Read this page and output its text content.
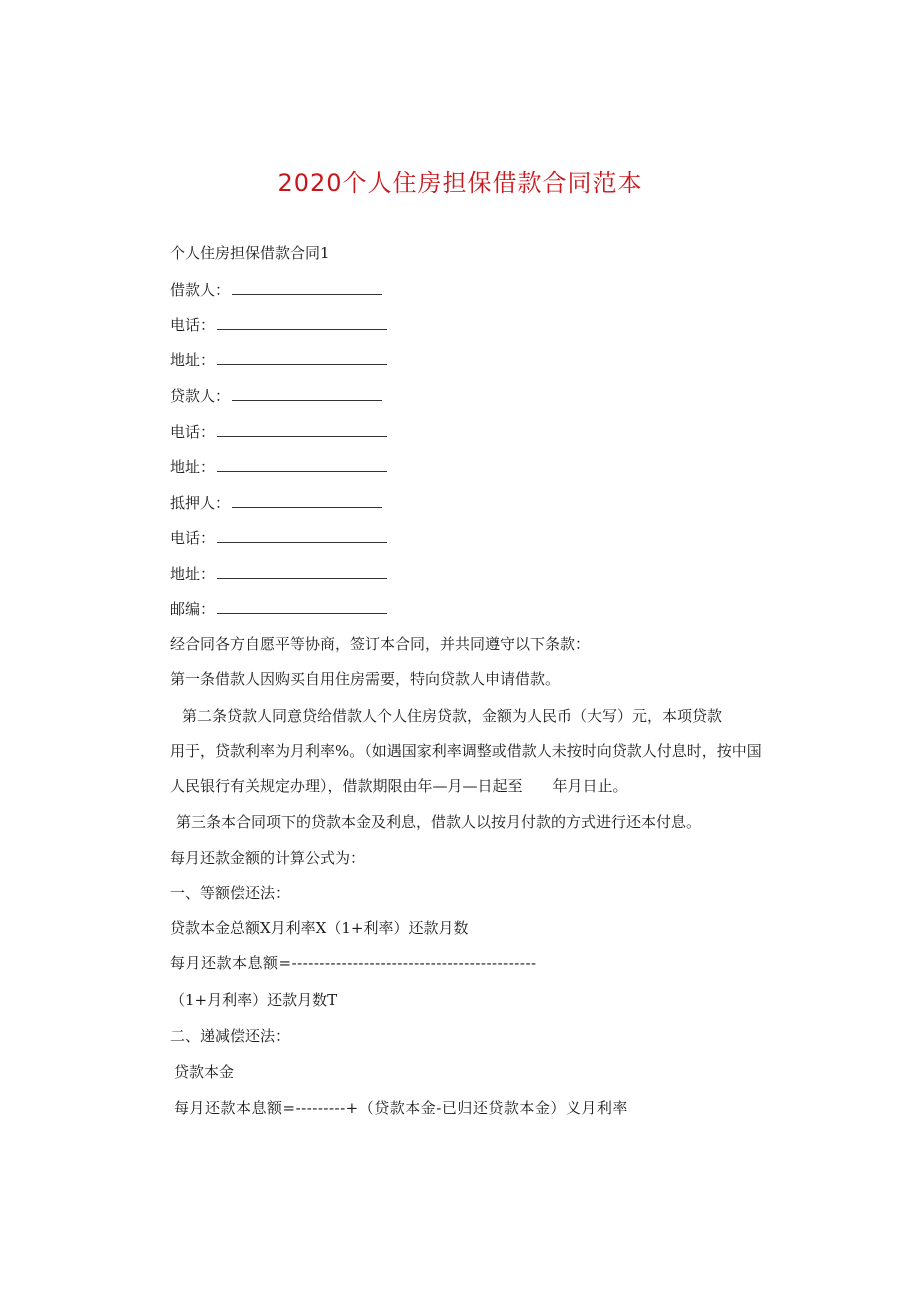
2020个人住房担保借款合同范本
个人住房担保借款合同1
借款人：
电话：
地址：
贷款人：
电话：
地址：
抵押人：
电话：
地址：
邮编：
经合同各方自愿平等协商，签订本合同，并共同遵守以下条款：
第一条借款人因购买自用住房需要，特向贷款人申请借款。
第二条贷款人同意贷给借款人个人住房贷款，金额为人民币（大写）元，本项贷款
用于，贷款利率为月利率%。（如遇国家利率调整或借款人未按时向贷款人付息时，按中国
人民银行有关规定办理），借款期限由年—月—日起至　　年月日止。
第三条本合同项下的贷款本金及利息，借款人以按月付款的方式进行还本付息。
每月还款金额的计算公式为：
一、等额偿还法：
贷款本金总额X月利率X（1+利率）还款月数
每月还款本息额=--------------------------------------------
（1+月利率）还款月数T
二、递减偿还法：
贷款本金
每月还款本息额=---------+（贷款本金-已归还贷款本金）义月利率
